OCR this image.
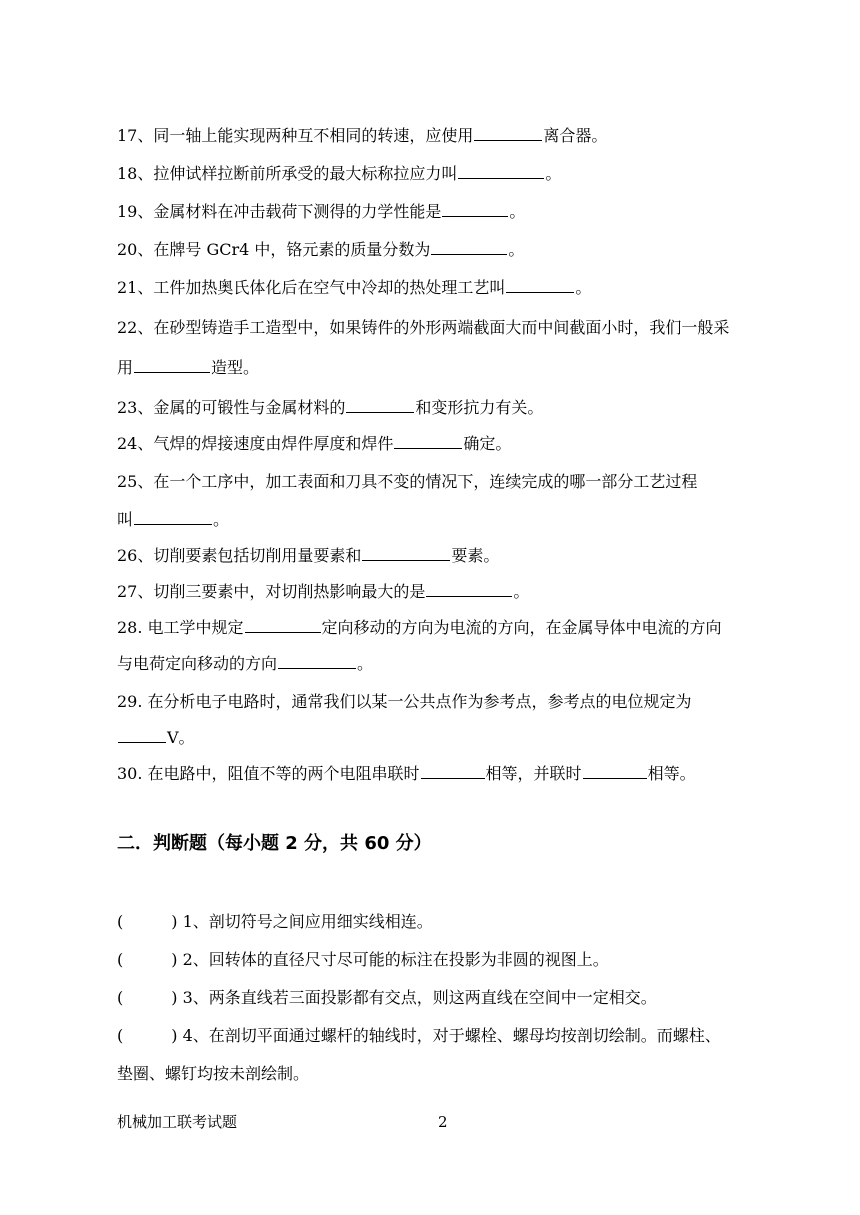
17、同一轴上能实现两种互不相同的转速，应使用	离合器。
18、拉伸试样拉断前所承受的最大标称拉应力叫	。
19、金属材料在冲击载荷下测得的力学性能是	。
20、在牌号 GCr4 中，铬元素的质量分数为	。
21、工件加热奥氏体化后在空气中冷却的热处理工艺叫	。
22、在砂型铸造手工造型中，如果铸件的外形两端截面大而中间截面小时，我们一般采
用	造型。
23、金属的可锻性与金属材料的	和变形抗力有关。
24、气焊的焊接速度由焊件厚度和焊件	确定。
25、在一个工序中，加工表面和刀具不变的情况下，连续完成的哪一部分工艺过程
叫	。
26、切削要素包括切削用量要素和	要素。
27、切削三要素中，对切削热影响最大的是	。
28. 电工学中规定	定向移动的方向为电流的方向，在金属导体中电流的方向
与电荷定向移动的方向	。
29. 在分析电子电路时，通常我们以某一公共点作为参考点，参考点的电位规定为
V。
30. 在电路中，阻值不等的两个电阻串联时	相等，并联时	相等。
二．判断题（每小题 2 分，共 60 分）
(	) 1、剖切符号之间应用细实线相连。
(	) 2、回转体的直径尺寸尽可能的标注在投影为非圆的视图上。
(	) 3、两条直线若三面投影都有交点，则这两直线在空间中一定相交。
(	) 4、在剖切平面通过螺杆的轴线时，对于螺栓、螺母均按剖切绘制。而螺柱、
垫圈、螺钉均按未剖绘制。
机械加工联考试题	2
